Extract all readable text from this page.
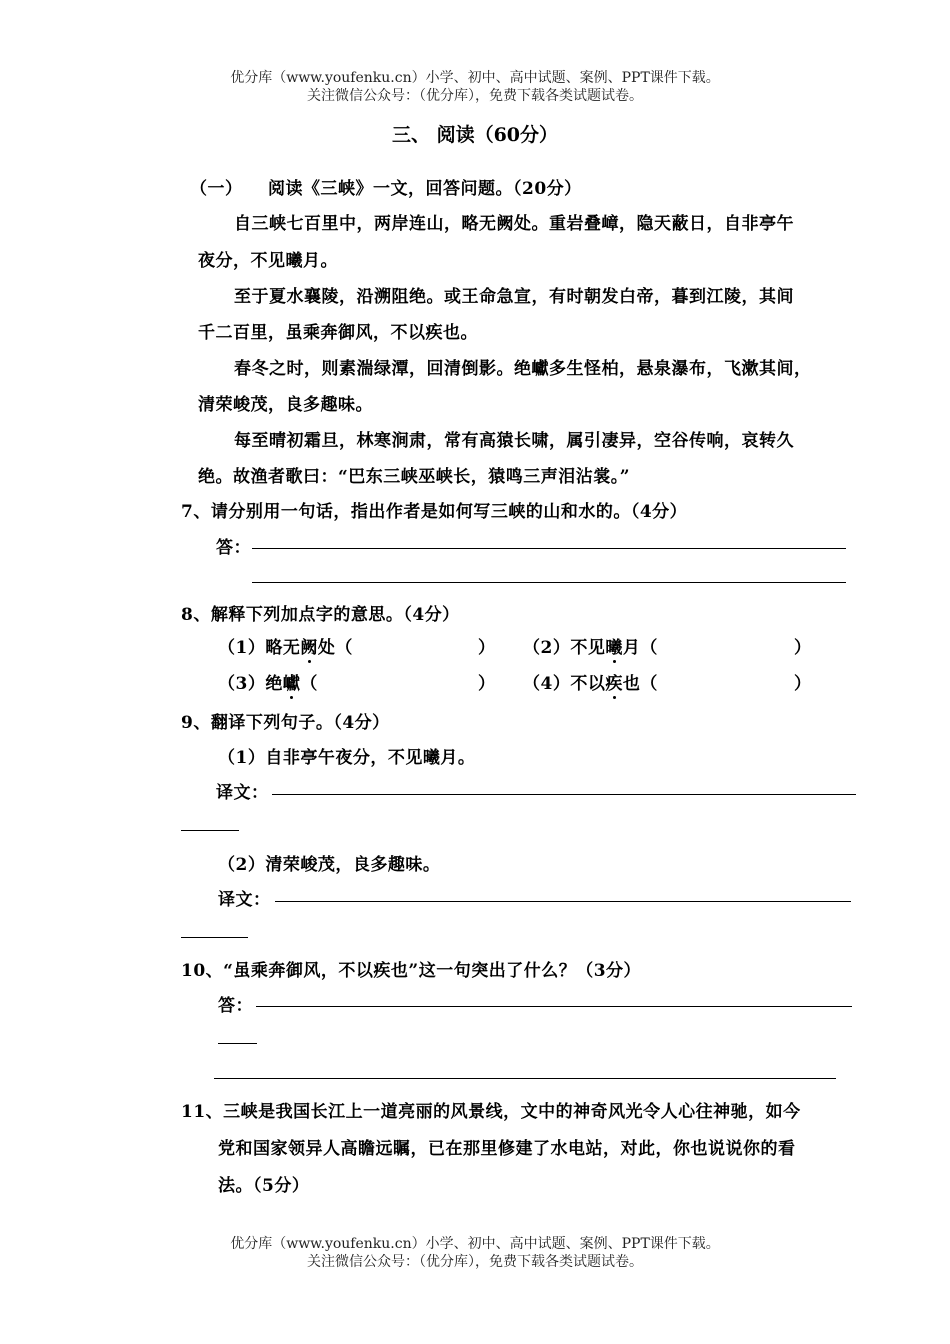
优分库（www.youfenku.cn）小学、初中、高中试题、案例、PPT课件下载。
关注微信公众号：（优分库），免费下载各类试题试卷。
三、 阅读（60分）
（一） 阅读《三峡》一文，回答问题。（20分）
自三峡七百里中，两岸连山，略无阙处。重岩叠嶂，隐天蔽日，自非亭午
夜分，不见曦月。
至于夏水襄陵，沿溯阻绝。或王命急宣，有时朝发白帝，暮到江陵，其间
千二百里，虽乘奔御风，不以疾也。
春冬之时，则素湍绿潭，回清倒影。绝巘多生怪柏，悬泉瀑布，飞漱其间，
清荣峻茂，良多趣味。
每至晴初霜旦，林寒涧肃，常有高猿长啸，属引凄异，空谷传响，哀转久
绝。故渔者歌曰：“巴东三峡巫峡长，猿鸣三声泪沾裳。”
7、请分别用一句话，指出作者是如何写三峡的山和水的。（4分）
答：
8、解释下列加点字的意思。（4分）
（1）略无阙处（	） （2）不见曦月（	）
（3）绝巘（	） （4）不以疾也（	）
9、翻译下列句子。（4分）
（1）自非亭午夜分，不见曦月。
译文：
（2）清荣峻茂，良多趣味。
译文：
10、“虽乘奔御风，不以疾也”这一句突出了什么？（3分）
答：
11、三峡是我国长江上一道亮丽的风景线，文中的神奇风光令人心往神驰，如今
党和国家领异人高瞻远瞩，已在那里修建了水电站，对此，你也说说你的看
法。（5分）
优分库（www.youfenku.cn）小学、初中、高中试题、案例、PPT课件下载。
关注微信公众号：（优分库），免费下载各类试题试卷。
